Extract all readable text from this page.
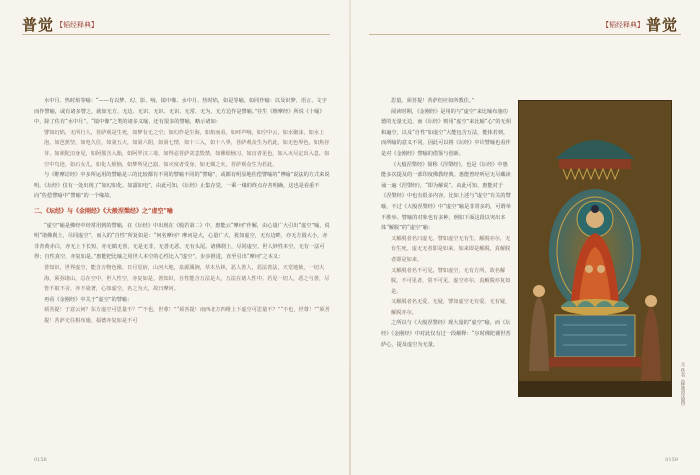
普觉 【韬经释典】

水中月、热时焰等喻：“——有以梦、幻、影、响、镜中像、水中月、热时焰，如是等喻，如同作喻：以及识梦、语言、文字而作譬喻，或有诸多譬之，就如无方、无边、无识、无识、无识、无常、无为，无方边作是譬喻。”往生《维摩经》所说《十喻》中，除了佐有“水中月”、“镜中像”之类的诸多义喻，还有很多的譬喻，略示诸如：

譬如幻焰，无所行人，菩萨观是生死，如梦有无之空；如幻作是尘海，如焰而看，如呼声响，如空中云，如水聚沫，如水上泡，如芭蕉坚，如电久住，如第五大，如第六阴，如第七情，如十三入，如十八界，菩萨观众生为若此，如无色界色，如焦谷芽，如须陀洹身见，如阿那含入胎，如阿罗汉三毒，如得忍菩萨贪恚毁禁，如佛烦恼习，如盲者见色，如入灭尽定出入息，如空中鸟迹，如石女儿，如化人烦恼，如梦所见已寤，如灭度者受身，如无烟之火，菩萨观众生为若此。

与《维摩诘经》中多所运用的譬喻是三的比较都有不同的譬喻不同的“譬喻”，或都有明显地佐偿譬喻的“博喻”说法的方式来说明。《坛经》仅有一处出现了“如幻如化、如露如电”，由此可知，《坛经》止集存觉，一乘一缘的终点存菩明确，这也是看重不向“佐偿譬喻中“譬喻”的一个缘故。

二、《坛经》与《金刚经》《大般涅槃经》之“虚空”喻

“虚空”喻是佛经中经常用到的譬喻，在《坛经》中出现在《般若第二》中，惠能云“摩诃”作解，由心量广大引出“虚空”喻，说明“诸佛刹土，尽同虚空”，而入的“自性”所复如是：“何名摩诃？摩诃是大，心量广大，犹如虚空，无有边畔，亦无方圆大小，亦非青黄赤白，亦无上下长短，亦无瞋无喜，无是无非，无善无恶，无有头尾。诸佛刹土，尽同虚空。世人妙性本空，无有一法可得；自性真空，亦复如是。”惠能把比喻之用世人本空的心性比入“虚空”，步步推进，直至引出“摩诃”之本义：

善知识，世界虚空，能含万物色像，日月星宿，山河大地，泉源溪涧，草木丛林，恶人善人，恶法善法，天堂地狱，一切大海，须弥诸山，总在空中，世人性空，亦复如是。善知识，自性能含万法是大，万法在诸人性中。若见一切人，恶之与善，尽皆不取不舍，亦不染著，心如虚空，名之为大，故曰摩诃。

再看《金刚经》中关于“虚空”的譬喻：

须菩提！于意云何？东方虚空可思量不？”“不也，世尊！”“须菩提！南西北方四维上下虚空可思量不？”“不也，世尊！”“须菩提！菩萨无住相布施，福德亦复如是不可

0158
【韬经释典】 普觉

思量。须菩提！菩萨但应如所教住。”

阅读时期，《金刚经》是用的与“虚空”来比喻布施功德的无量无边，而《坛经》则用“虚空”来比喻“心”的无相和遍空，以及“自性”如虚空“大能包含万法，能体若到，而所喻的意义不同。因此可以将《坛经》中许譬喻也看作是对《金刚经》譬喻的借鉴与创新。

《大般涅槃经》简称《涅槃经》，也是《坛经》中惠能多次提及的一部印度佛教经典。惠能曾经听尼无尽藏读诵一遍《涅槃经》，“即为解说”。由此可知，惠能对于《涅槃经》中也有很多内容，比如上述与“虚空”有关的譬喻，不过《大般涅槃经》中“虚空”喻是非常多的，可谓举不胜举。譬喻的对象也有多种，例如下面这段以突出本体“解脱”的“虚空”喻：

又解脱者名曰虚无。譬如虚空无有生，解脱亦尔，无有生死。虚无无者即是如来，如来即是解脱，真解脱者即是如来。

又解脱者名不可见，譬如虚空，无有方所，故名解脱。不可见者，常不可见，虚空亦尔，真解脱亦复如是。

又解脱者名无爱、无疑，譬如虚空无有爱、无有疑，解脱亦尔。

之所以与《大般涅槃经》现大量的“虚空”喻，而《坛经》《金刚经》中对此仅有过一段解释：“尔时佛陀谢世菩萨心，提及虚空为无量。

元 佚名《释迦说法图》
0159
